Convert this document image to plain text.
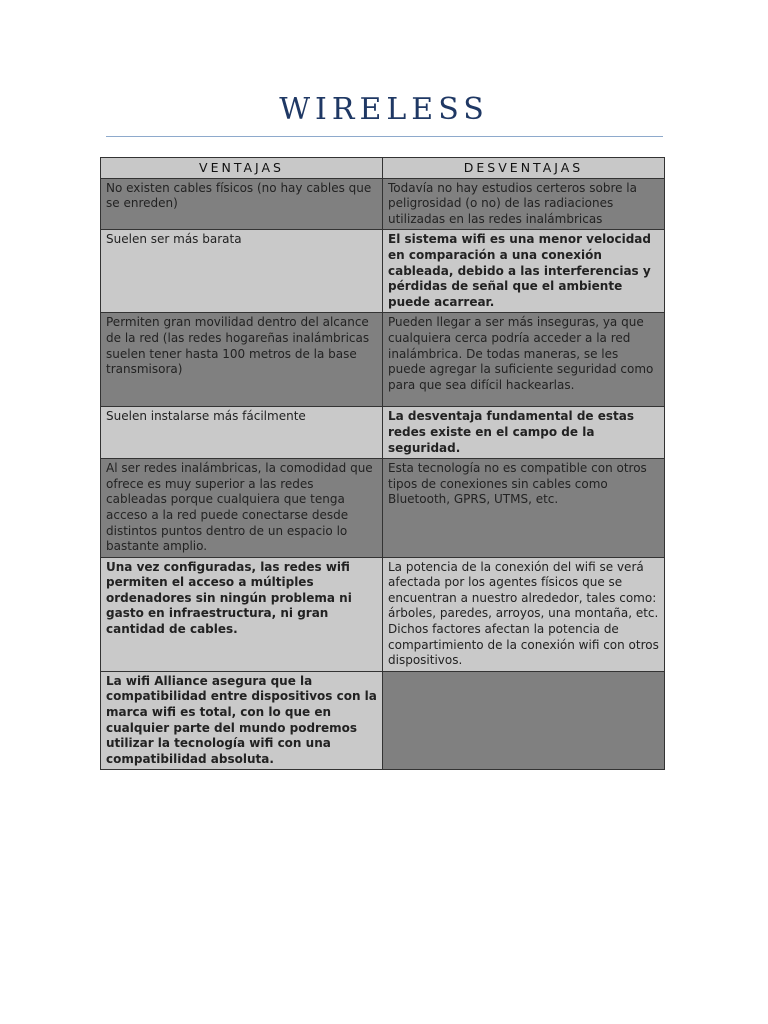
WIRELESS
VENTAJAS	DESVENTAJAS
No existen cables físicos (no hay cables que se enreden)	Todavía no hay estudios certeros sobre la peligrosidad (o no) de las radiaciones utilizadas en las redes inalámbricas
Suelen ser más barata	El sistema wifi es una menor velocidad en comparación a una conexión cableada, debido a las interferencias y pérdidas de señal que el ambiente puede acarrear.
Permiten gran movilidad dentro del alcance de la red (las redes hogareñas inalámbricas suelen tener hasta 100 metros de la base transmisora)	Pueden llegar a ser más inseguras, ya que cualquiera cerca podría acceder a la red inalámbrica. De todas maneras, se les puede agregar la suficiente seguridad como para que sea difícil hackearlas.
Suelen instalarse más fácilmente	La desventaja fundamental de estas redes existe en el campo de la seguridad.
Al ser redes inalámbricas, la comodidad que ofrece es muy superior a las redes cableadas porque cualquiera que tenga acceso a la red puede conectarse desde distintos puntos dentro de un espacio lo bastante amplio.	Esta tecnología no es compatible con otros tipos de conexiones sin cables como Bluetooth, GPRS, UTMS, etc.
Una vez configuradas, las redes wifi permiten el acceso a múltiples ordenadores sin ningún problema ni gasto en infraestructura, ni gran cantidad de cables.	La potencia de la conexión del wifi se verá afectada por los agentes físicos que se encuentran a nuestro alrededor, tales como: árboles, paredes, arroyos, una montaña, etc. Dichos factores afectan la potencia de compartimiento de la conexión wifi con otros dispositivos.
La wifi Alliance asegura que la compatibilidad entre dispositivos con la marca wifi es total, con lo que en cualquier parte del mundo podremos utilizar la tecnología wifi con una compatibilidad absoluta.	
